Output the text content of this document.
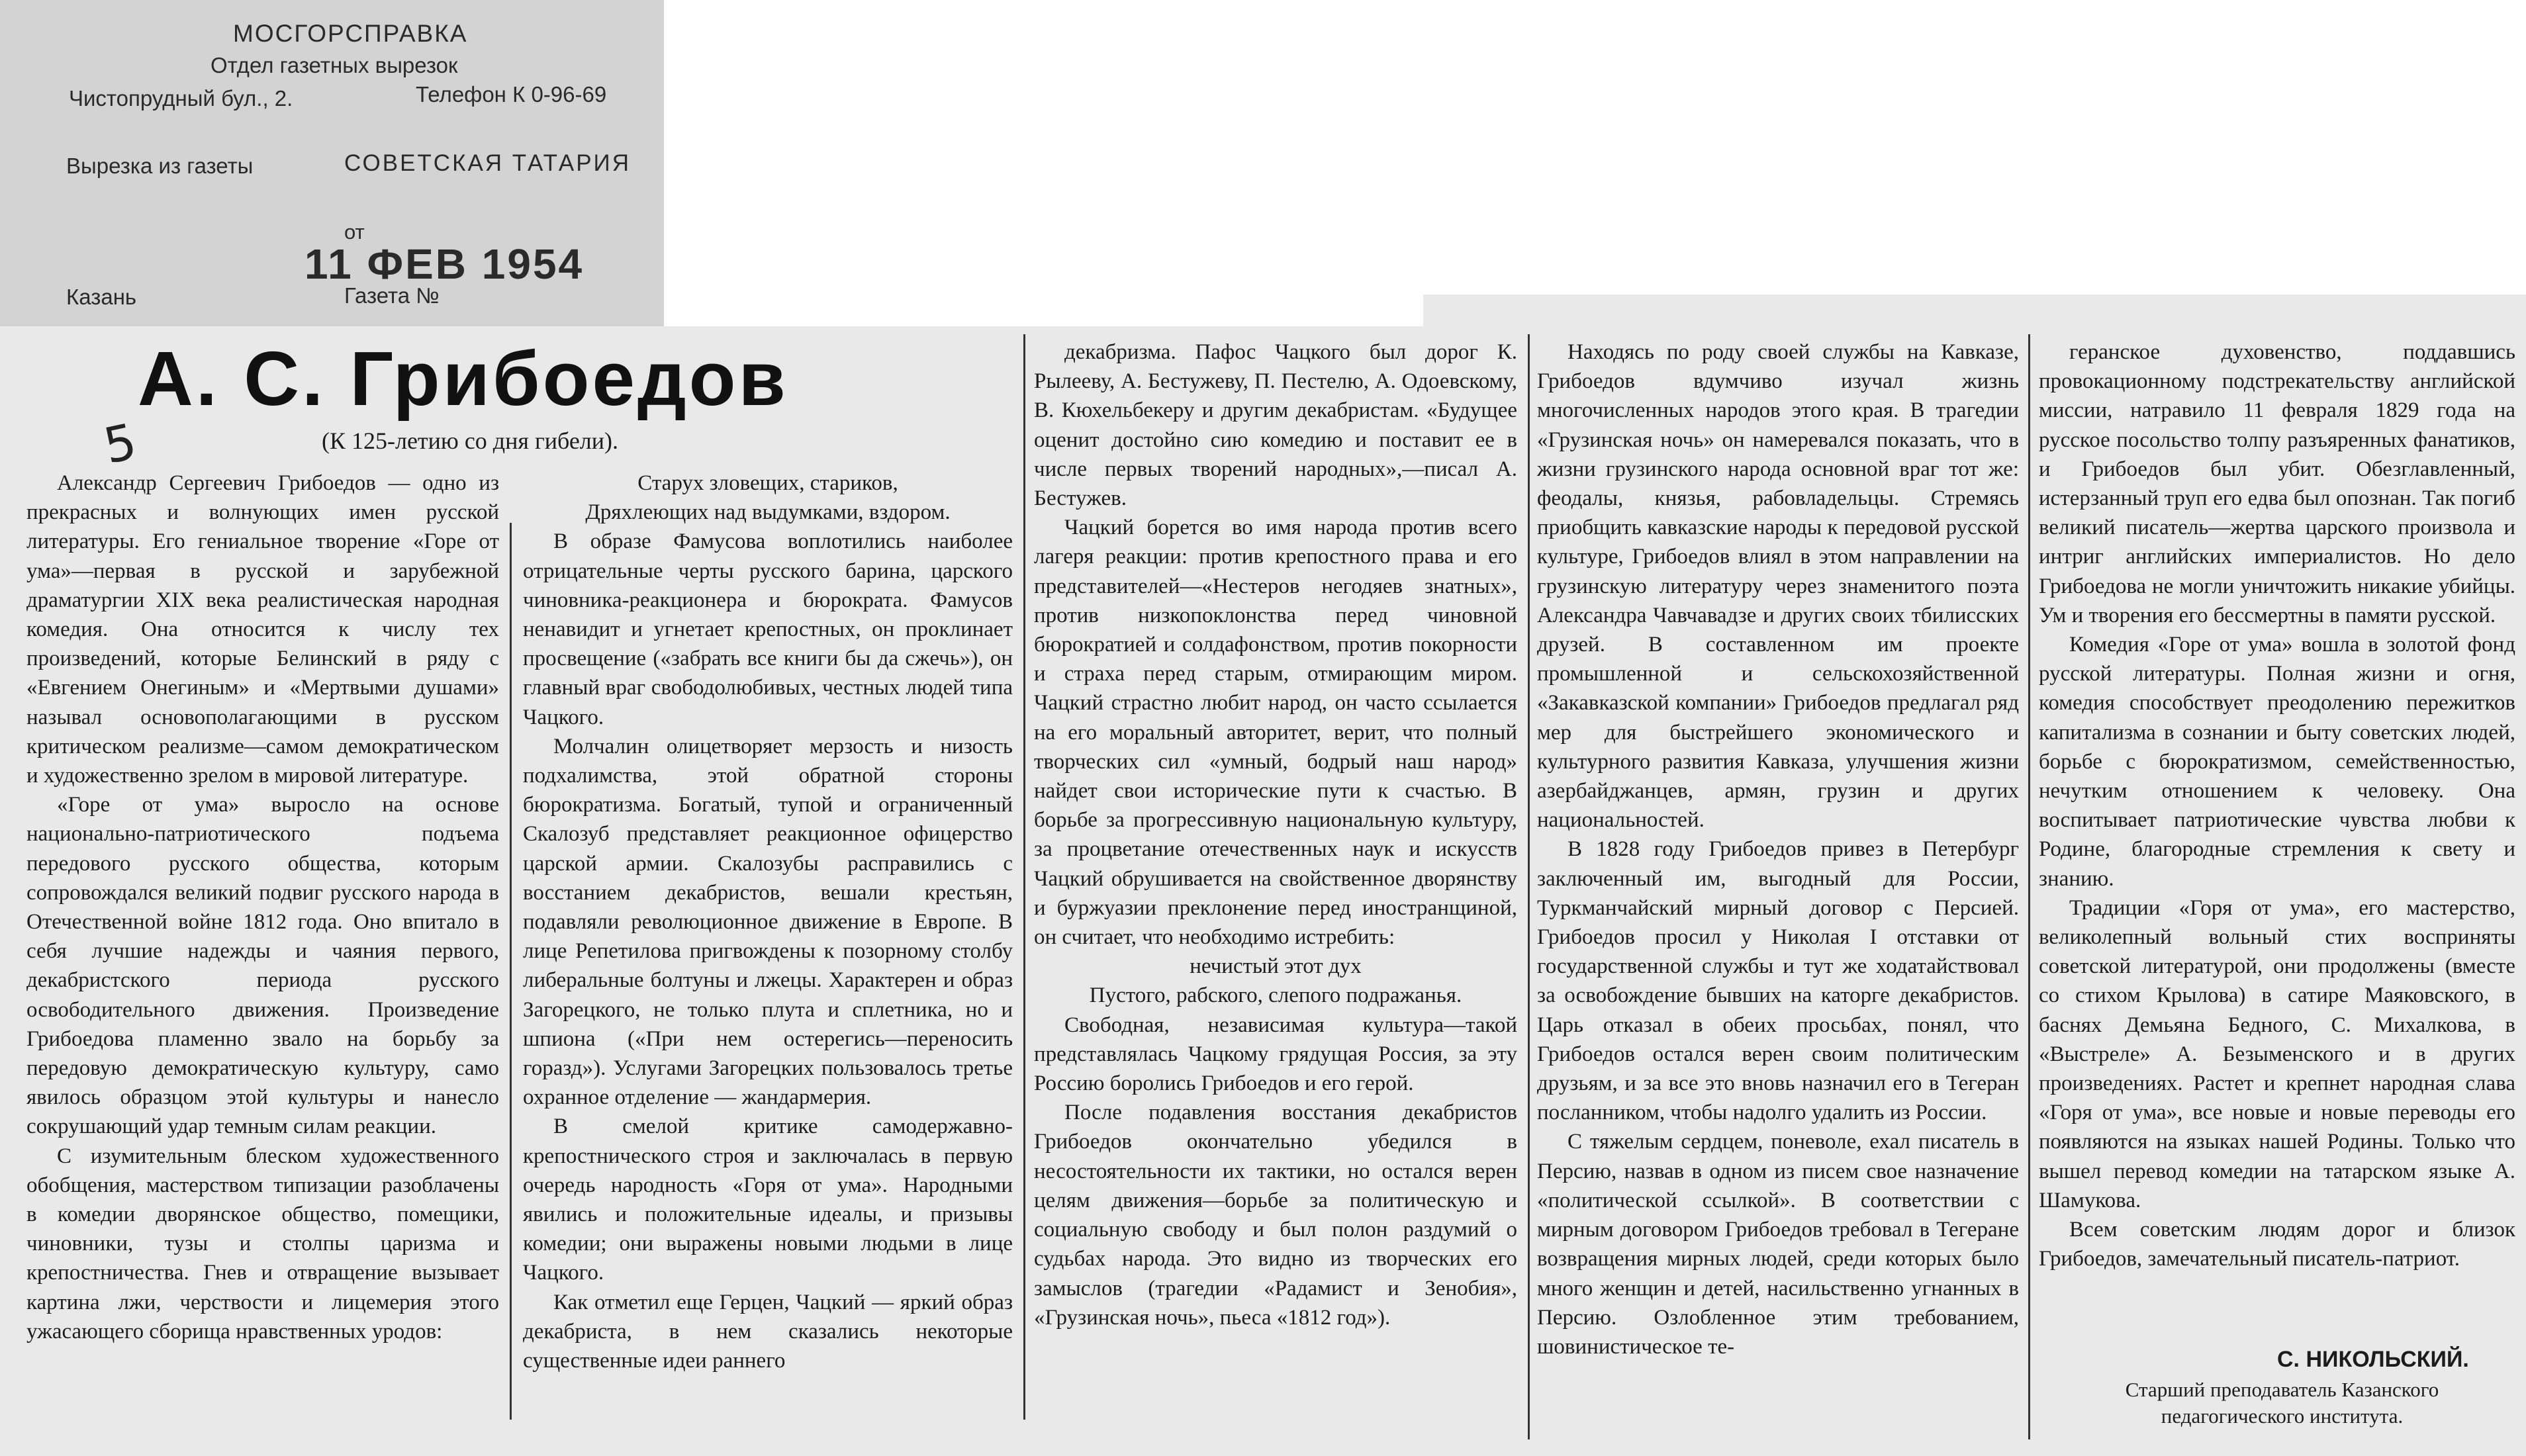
МОСГОРСПРАВКА
Отдел газетных вырезок
Чистопрудный бул., 2.	Телефон К 0-96-69
Вырезка из газеты	СОВЕТСКАЯ ТАТАРИЯ
от
11 ФЕВ 1954
Казань	Газета №
А. С. Грибоедов
(К 125-летию со дня гибели).
5

Александр Сергеевич Грибоедов — одно из прекрасных и волнующих имен русской литературы. Его гениальное творение «Горе от ума»—первая в русской и зарубежной драматургии XIX века реалистическая народная комедия. Она относится к числу тех произведений, которые Белинский в ряду с «Евгением Онегиным» и «Мертвыми душами» называл основополагающими в русском критическом реализме—самом демократическом и художественно зрелом в мировой литературе.

«Горе от ума» выросло на основе национально-патриотического подъема передового русского общества, которым сопровождался великий подвиг русского народа в Отечественной войне 1812 года. Оно впитало в себя лучшие надежды и чаяния первого, декабристского периода русского освободительного движения. Произведение Грибоедова пламенно звало на борьбу за передовую демократическую культуру, само явилось образцом этой культуры и нанесло сокрушающий удар темным силам реакции.

С изумительным блеском художественного обобщения, мастерством типизации разоблачены в комедии дворянское общество, помещики, чиновники, тузы и столпы царизма и крепостничества. Гнев и отвращение вызывает картина лжи, черствости и лицемерия этого ужасающего сборища нравственных уродов:

Старух зловещих, стариков,

Дряхлеющих над выдумками, вздором.

В образе Фамусова воплотились наиболее отрицательные черты русского барина, царского чиновника-реакционера и бюрократа. Фамусов ненавидит и угнетает крепостных, он проклинает просвещение («забрать все книги бы да сжечь»), он главный враг свободолюбивых, честных людей типа Чацкого.

Молчалин олицетворяет мерзость и низость подхалимства, этой обратной стороны бюрократизма. Богатый, тупой и ограниченный Скалозуб представляет реакционное офицерство царской армии. Скалозубы расправились с восстанием декабристов, вешали крестьян, подавляли революционное движение в Европе. В лице Репетилова пригвождены к позорному столбу либеральные болтуны и лжецы. Характерен и образ Загорецкого, не только плута и сплетника, но и шпиона («При нем остерегись—переносить горазд»). Услугами Загорецких пользовалось третье охранное отделение — жандармерия.

В смелой критике самодержавно-крепостнического строя и заключалась в первую очередь народность «Горя от ума». Народными явились и положительные идеалы, и призывы комедии; они выражены новыми людьми в лице Чацкого.

Как отметил еще Герцен, Чацкий — яркий образ декабриста, в нем сказались некоторые существенные идеи раннего

декабризма. Пафос Чацкого был дорог К. Рылееву, А. Бестужеву, П. Пестелю, А. Одоевскому, В. Кюхельбекеру и другим декабристам. «Будущее оценит достойно сию комедию и поставит ее в числе первых творений народных»,—писал А. Бестужев.

Чацкий борется во имя народа против всего лагеря реакции: против крепостного права и его представителей—«Нестеров негодяев знатных», против низкопоклонства перед чиновной бюрократией и солдафонством, против покорности и страха перед старым, отмирающим миром. Чацкий страстно любит народ, он часто ссылается на его моральный авторитет, верит, что полный творческих сил «умный, бодрый наш народ» найдет свои исторические пути к счастью. В борьбе за прогрессивную национальную культуру, за процветание отечественных наук и искусств Чацкий обрушивается на свойственное дворянству и буржуазии преклонение перед иностранщиной, он считает, что необходимо истребить:

нечистый этот дух

Пустого, рабского, слепого подражанья.

Свободная, независимая культура—такой представлялась Чацкому грядущая Россия, за эту Россию боролись Грибоедов и его герой.

После подавления восстания декабристов Грибоедов окончательно убедился в несостоятельности их тактики, но остался верен целям движения—борьбе за политическую и социальную свободу и был полон раздумий о судьбах народа. Это видно из творческих его замыслов (трагедии «Радамист и Зенобия», «Грузинская ночь», пьеса «1812 год»).

Находясь по роду своей службы на Кавказе, Грибоедов вдумчиво изучал жизнь многочисленных народов этого края. В трагедии «Грузинская ночь» он намеревался показать, что в жизни грузинского народа основной враг тот же: феодалы, князья, рабовладельцы. Стремясь приобщить кавказские народы к передовой русской культуре, Грибоедов влиял в этом направлении на грузинскую литературу через знаменитого поэта Александра Чавчавадзе и других своих тбилисских друзей. В составленном им проекте промышленной и сельскохозяйственной «Закавказской компании» Грибоедов предлагал ряд мер для быстрейшего экономического и культурного развития Кавказа, улучшения жизни азербайджанцев, армян, грузин и других национальностей.

В 1828 году Грибоедов привез в Петербург заключенный им, выгодный для России, Туркманчайский мирный договор с Персией. Грибоедов просил у Николая I отставки от государственной службы и тут же ходатайствовал за освобождение бывших на каторге декабристов. Царь отказал в обеих просьбах, понял, что Грибоедов остался верен своим политическим друзьям, и за все это вновь назначил его в Тегеран посланником, чтобы надолго удалить из России.

С тяжелым сердцем, поневоле, ехал писатель в Персию, назвав в одном из писем свое назначение «политической ссылкой». В соответствии с мирным договором Грибоедов требовал в Тегеране возвращения мирных людей, среди которых было много женщин и детей, насильственно угнанных в Персию. Озлобленное этим требованием, шовинистическое те-

геранское духовенство, поддавшись провокационному подстрекательству английской миссии, натравило 11 февраля 1829 года на русское посольство толпу разъяренных фанатиков, и Грибоедов был убит. Обезглавленный, истерзанный труп его едва был опознан. Так погиб великий писатель—жертва царского произвола и интриг английских империалистов. Но дело Грибоедова не могли уничтожить никакие убийцы. Ум и творения его бессмертны в памяти русской.

Комедия «Горе от ума» вошла в золотой фонд русской литературы. Полная жизни и огня, комедия способствует преодолению пережитков капитализма в сознании и быту советских людей, борьбе с бюрократизмом, семейственностью, нечутким отношением к человеку. Она воспитывает патриотические чувства любви к Родине, благородные стремления к свету и знанию.

Традиции «Горя от ума», его мастерство, великолепный вольный стих восприняты советской литературой, они продолжены (вместе со стихом Крылова) в сатире Маяковского, в баснях Демьяна Бедного, С. Михалкова, в «Выстреле» А. Безыменского и в других произведениях. Растет и крепнет народная слава «Горя от ума», все новые и новые переводы его появляются на языках нашей Родины. Только что вышел перевод комедии на татарском языке А. Шамукова.

Всем советским людям дорог и близок Грибоедов, замечательный писатель-патриот.

С. НИКОЛЬСКИЙ.
Старший преподаватель Казанского педагогического института.
